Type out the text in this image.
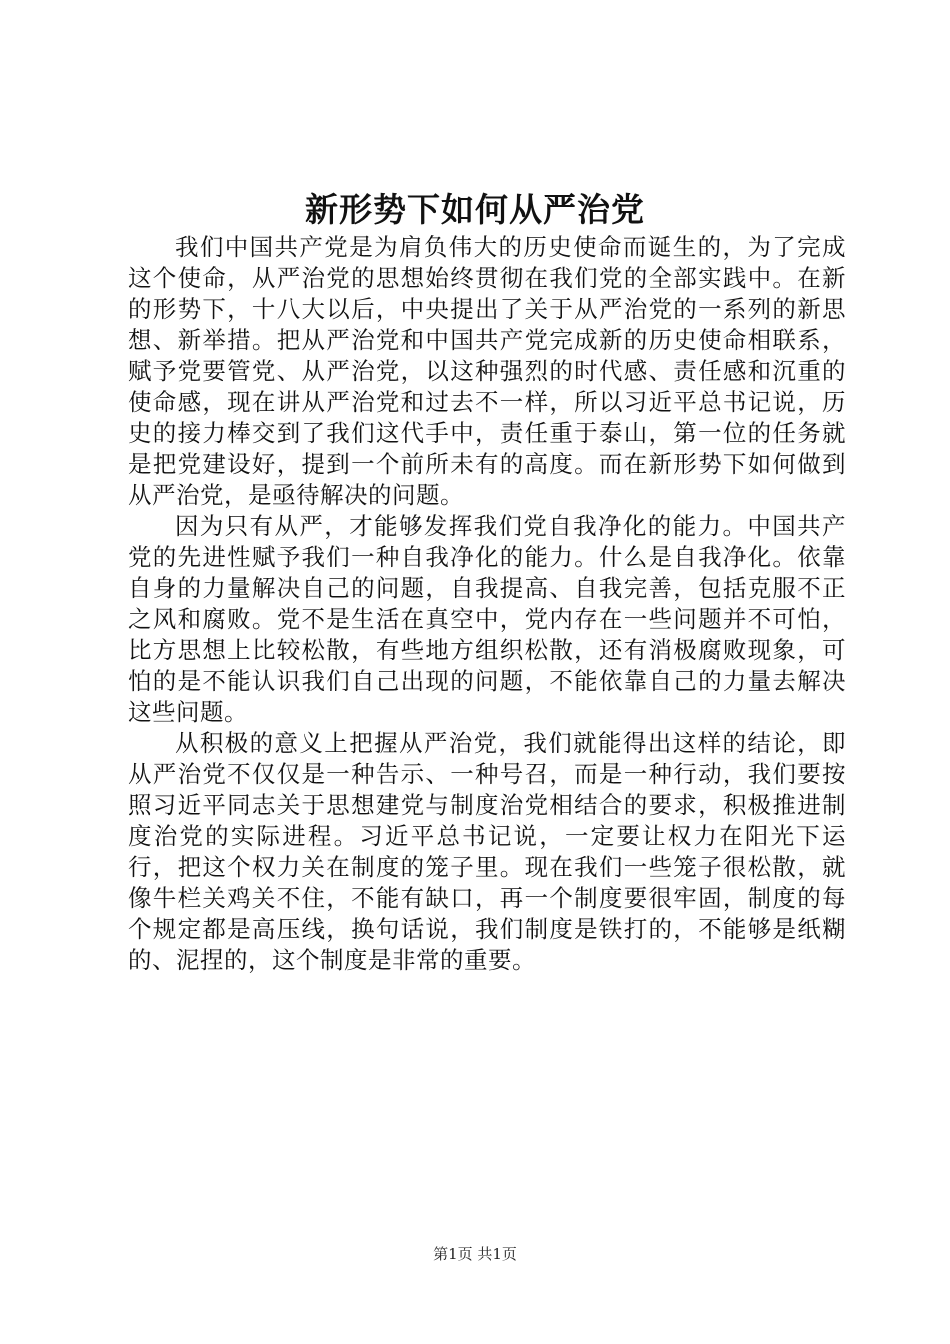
新形势下如何从严治党

我们中国共产党是为肩负伟大的历史使命而诞生的，为了完成这个使命，从严治党的思想始终贯彻在我们党的全部实践中。在新的形势下，十八大以后，中央提出了关于从严治党的一系列的新思想、新举措。把从严治党和中国共产党完成新的历史使命相联系，赋予党要管党、从严治党，以这种强烈的时代感、责任感和沉重的使命感，现在讲从严治党和过去不一样，所以习近平总书记说，历史的接力棒交到了我们这代手中，责任重于泰山，第一位的任务就是把党建设好，提到一个前所未有的高度。而在新形势下如何做到从严治党，是亟待解决的问题。

因为只有从严，才能够发挥我们党自我净化的能力。中国共产党的先进性赋予我们一种自我净化的能力。什么是自我净化。依靠自身的力量解决自己的问题，自我提高、自我完善，包括克服不正之风和腐败。党不是生活在真空中，党内存在一些问题并不可怕，比方思想上比较松散，有些地方组织松散，还有消极腐败现象，可怕的是不能认识我们自己出现的问题，不能依靠自己的力量去解决这些问题。

从积极的意义上把握从严治党，我们就能得出这样的结论，即从严治党不仅仅是一种告示、一种号召，而是一种行动，我们要按照习近平同志关于思想建党与制度治党相结合的要求，积极推进制度治党的实际进程。习近平总书记说，一定要让权力在阳光下运行，把这个权力关在制度的笼子里。现在我们一些笼子很松散，就像牛栏关鸡关不住，不能有缺口，再一个制度要很牢固，制度的每个规定都是高压线，换句话说，我们制度是铁打的，不能够是纸糊的、泥捏的，这个制度是非常的重要。

第1页 共1页
